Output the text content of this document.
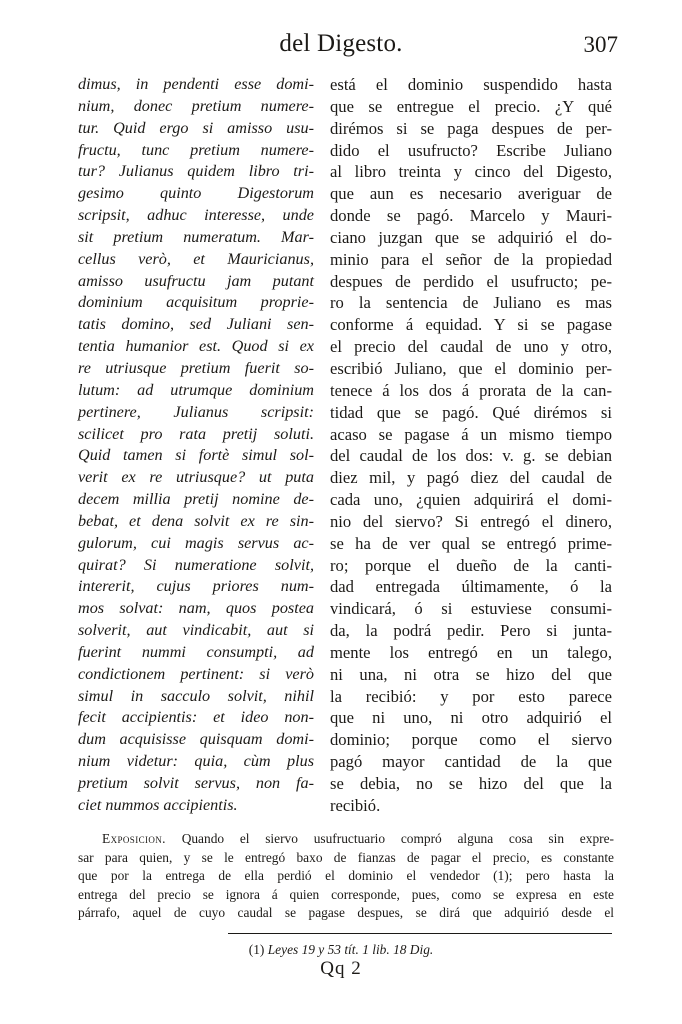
del Digesto.	307
dimus, in pendenti esse domi-
nium, donec pretium numere-
tur. Quid ergo si amisso usu-
fructu, tunc pretium numere-
tur? Julianus quidem libro tri-
gesimo quinto Digestorum
scripsit, adhuc interesse, unde
sit pretium numeratum. Mar-
cellus verò, et Mauricianus,
amisso usufructu jam putant
dominium acquisitum proprie-
tatis domino, sed Juliani sen-
tentia humanior est. Quod si ex
re utriusque pretium fuerit so-
lutum: ad utrumque dominium
pertinere, Julianus scripsit:
scilicet pro rata pretij soluti.
Quid tamen si fortè simul sol-
verit ex re utriusque? ut puta
decem millia pretij nomine de-
bebat, et dena solvit ex re sin-
gulorum, cui magis servus ac-
quirat? Si numeratione solvit,
intererit, cujus priores num-
mos solvat: nam, quos postea
solverit, aut vindicabit, aut si
fuerint nummi consumpti, ad
condictionem pertinent: si verò
simul in sacculo solvit, nihil
fecit accipientis: et ideo non-
dum acquisisse quisquam domi-
nium videtur: quia, cùm plus
pretium solvit servus, non fa-
ciet nummos accipientis.
está el dominio suspendido hasta
que se entregue el precio. ¿Y qué
dirémos si se paga despues de per-
dido el usufructo? Escribe Juliano
al libro treinta y cinco del Digesto,
que aun es necesario averiguar de
donde se pagó. Marcelo y Mauri-
ciano juzgan que se adquirió el do-
minio para el señor de la propiedad
despues de perdido el usufructo; pe-
ro la sentencia de Juliano es mas
conforme á equidad. Y si se pagase
el precio del caudal de uno y otro,
escribió Juliano, que el dominio per-
tenece á los dos á prorata de la can-
tidad que se pagó. Qué dirémos si
acaso se pagase á un mismo tiempo
del caudal de los dos: v. g. se debian
diez mil, y pagó diez del caudal de
cada uno, ¿quien adquirirá el domi-
nio del siervo? Si entregó el dinero,
se ha de ver qual se entregó prime-
ro; porque el dueño de la canti-
dad entregada últimamente, ó la
vindicará, ó si estuviese consumi-
da, la podrá pedir. Pero si junta-
mente los entregó en un talego,
ni una, ni otra se hizo del que
la recibió: y por esto parece
que ni uno, ni otro adquirió el
dominio; porque como el siervo
pagó mayor cantidad de la que
se debia, no se hizo del que la
recibió.
Exposicion. Quando el siervo usufructuario compró alguna cosa sin expre-
sar para quien, y se le entregó baxo de fianzas de pagar el precio, es constante
que por la entrega de ella perdió el dominio el vendedor (1); pero hasta la
entrega del precio se ignora á quien corresponde, pues, como se expresa en este
párrafo, aquel de cuyo caudal se pagase despues, se dirá que adquirió desde el
(1) Leyes 19 y 53 tít. 1 lib. 18 Dig.
Qq 2
